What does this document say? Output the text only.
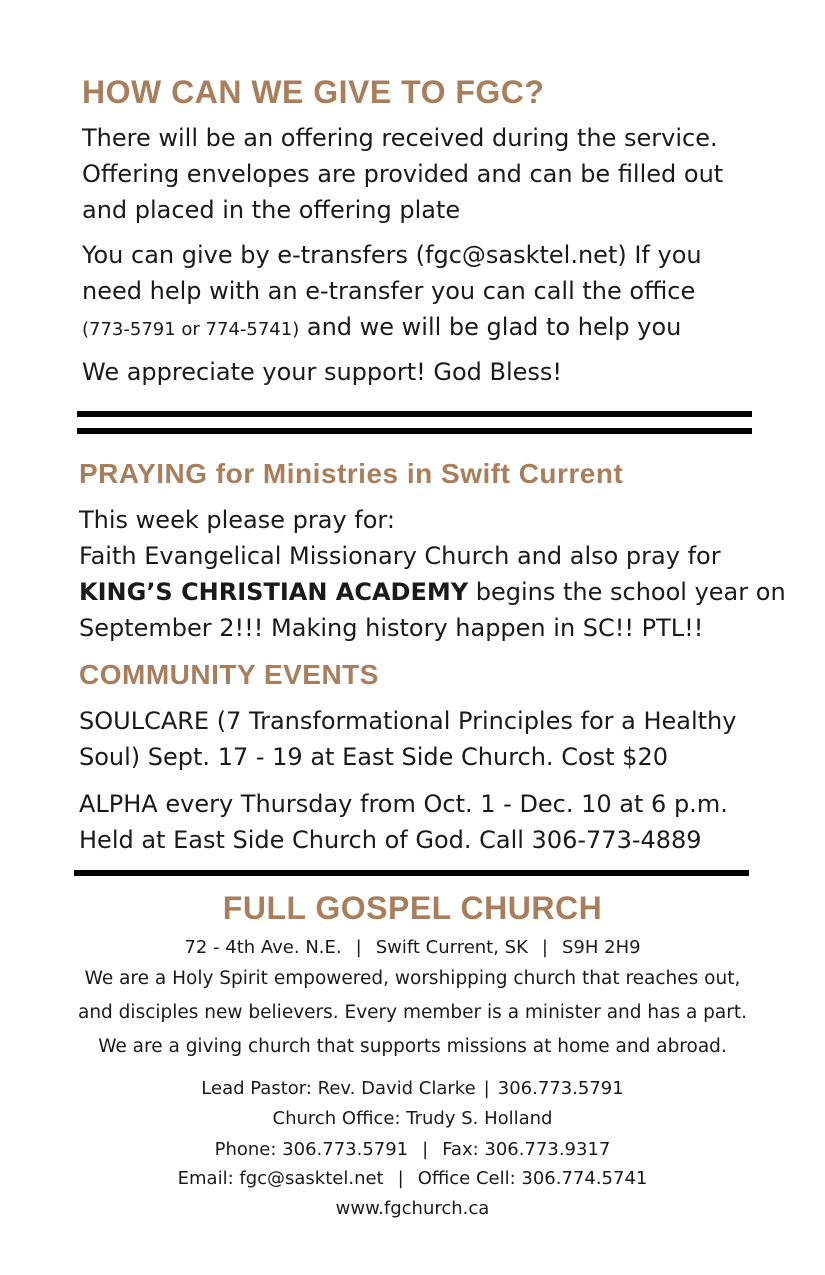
HOW CAN WE GIVE TO FGC?

There will be an offering received during the service.
Offering envelopes are provided and can be filled out
and placed in the offering plate

You can give by e-transfers (fgc@sasktel.net) If you
need help with an e-transfer you can call the office
(773-5791 or 774-5741) and we will be glad to help you

We appreciate your support! God Bless!

PRAYING for Ministries in Swift Current

This week please pray for:
Faith Evangelical Missionary Church and also pray for
KING’S CHRISTIAN ACADEMY begins the school year on
September 2!!! Making history happen in SC!! PTL!!

COMMUNITY EVENTS

SOULCARE (7 Transformational Principles for a Healthy
Soul) Sept. 17 - 19 at East Side Church. Cost $20

ALPHA every Thursday from Oct. 1 - Dec. 10 at 6 p.m.
Held at East Side Church of God. Call 306-773-4889

FULL GOSPEL CHURCH
72 - 4th Ave. N.E. | Swift Current, SK | S9H 2H9
We are a Holy Spirit empowered, worshipping church that reaches out,
and disciples new believers. Every member is a minister and has a part.
We are a giving church that supports missions at home and abroad.
Lead Pastor: Rev. David Clarke | 306.773.5791
Church Office: Trudy S. Holland
Phone: 306.773.5791 | Fax: 306.773.9317
Email: fgc@sasktel.net | Office Cell: 306.774.5741
www.fgchurch.ca
